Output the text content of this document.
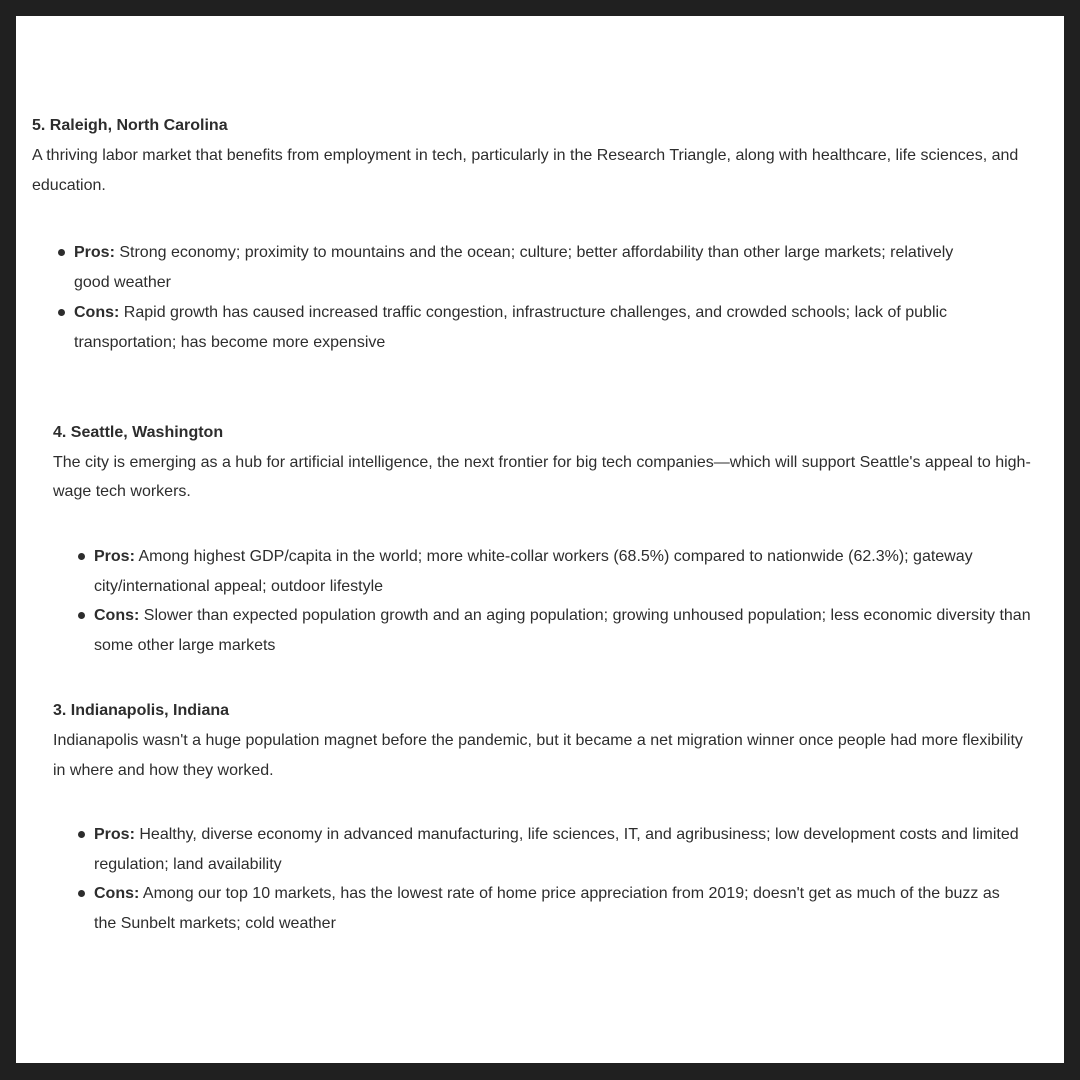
5. Raleigh, North Carolina

A thriving labor market that benefits from employment in tech, particularly in the Research Triangle, along with healthcare, life sciences, and education.

Pros: Strong economy; proximity to mountains and the ocean; culture; better affordability than other large markets; relatively good weather
Cons: Rapid growth has caused increased traffic congestion, infrastructure challenges, and crowded schools; lack of public transportation; has become more expensive

4. Seattle, Washington

The city is emerging as a hub for artificial intelligence, the next frontier for big tech companies—which will support Seattle's appeal to high-wage tech workers.

Pros: Among highest GDP/capita in the world; more white-collar workers (68.5%) compared to nationwide (62.3%); gateway city/international appeal; outdoor lifestyle
Cons: Slower than expected population growth and an aging population; growing unhoused population; less economic diversity than some other large markets

3. Indianapolis, Indiana

Indianapolis wasn't a huge population magnet before the pandemic, but it became a net migration winner once people had more flexibility in where and how they worked.

Pros: Healthy, diverse economy in advanced manufacturing, life sciences, IT, and agribusiness; low development costs and limited regulation; land availability
Cons: Among our top 10 markets, has the lowest rate of home price appreciation from 2019; doesn't get as much of the buzz as the Sunbelt markets; cold weather
